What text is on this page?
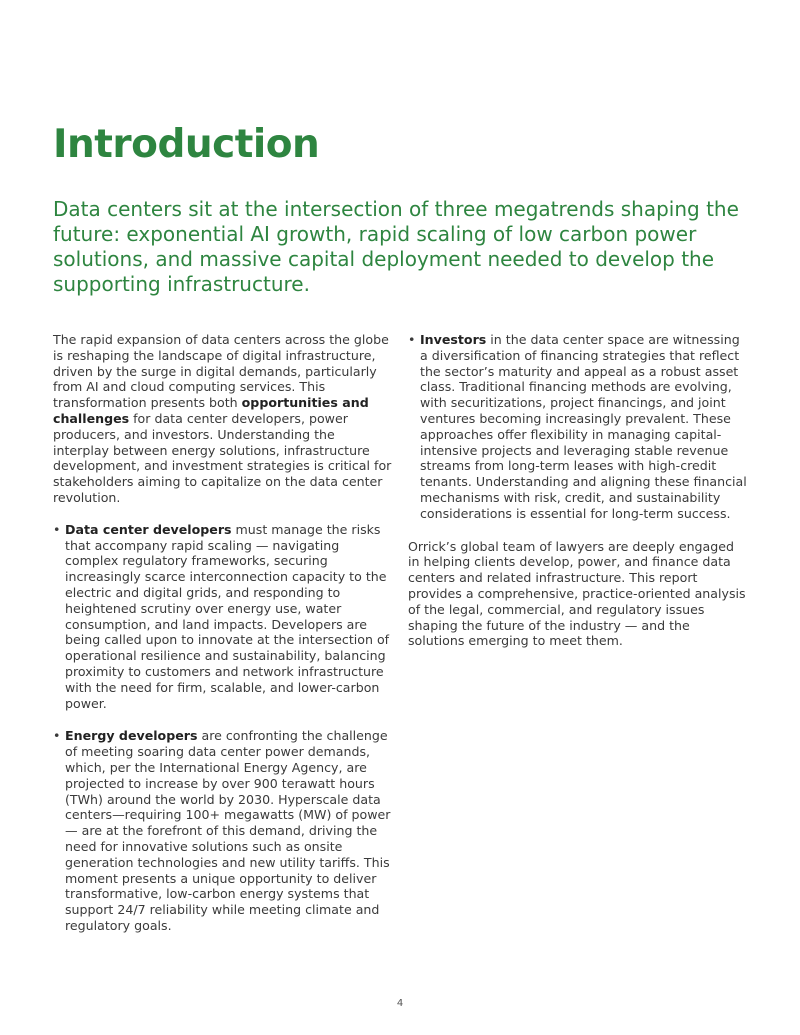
Introduction
Data centers sit at the intersection of three megatrends shaping the future: exponential AI growth, rapid scaling of low carbon power solutions, and massive capital deployment needed to develop the supporting infrastructure.

The rapid expansion of data centers across the globe is reshaping the landscape of digital infrastructure, driven by the surge in digital demands, particularly from AI and cloud computing services. This transformation presents both opportunities and challenges for data center developers, power producers, and investors. Understanding the interplay between energy solutions, infrastructure development, and investment strategies is critical for stakeholders aiming to capitalize on the data center revolution.

• Data center developers must manage the risks that accompany rapid scaling — navigating complex regulatory frameworks, securing increasingly scarce interconnection capacity to the electric and digital grids, and responding to heightened scrutiny over energy use, water consumption, and land impacts. Developers are being called upon to innovate at the intersection of operational resilience and sustainability, balancing proximity to customers and network infrastructure with the need for firm, scalable, and lower-carbon power.
• Energy developers are confronting the challenge of meeting soaring data center power demands, which, per the International Energy Agency, are projected to increase by over 900 terawatt hours (TWh) around the world by 2030. Hyperscale data centers—requiring 100+ megawatts (MW) of power — are at the forefront of this demand, driving the need for innovative solutions such as onsite generation technologies and new utility tariffs. This moment presents a unique opportunity to deliver transformative, low-carbon energy systems that support 24/7 reliability while meeting climate and regulatory goals.
• Investors in the data center space are witnessing a diversification of financing strategies that reflect the sector’s maturity and appeal as a robust asset class. Traditional financing methods are evolving, with securitizations, project financings, and joint ventures becoming increasingly prevalent. These approaches offer flexibility in managing capital-intensive projects and leveraging stable revenue streams from long-term leases with high-credit tenants. Understanding and aligning these financial mechanisms with risk, credit, and sustainability considerations is essential for long-term success.

Orrick’s global team of lawyers are deeply engaged in helping clients develop, power, and finance data centers and related infrastructure. This report provides a comprehensive, practice-oriented analysis of the legal, commercial, and regulatory issues shaping the future of the industry — and the solutions emerging to meet them.

4
